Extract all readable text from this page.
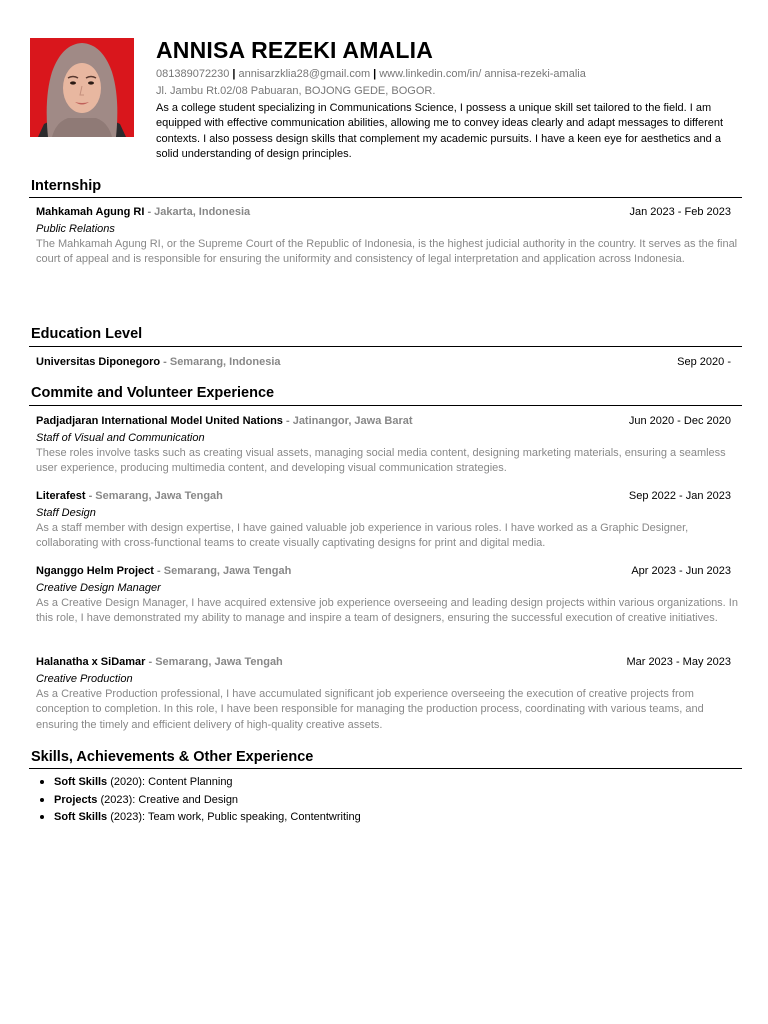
ANNISA REZEKI AMALIA
081389072230 | annisarzklia28@gmail.com | www.linkedin.com/in/ annisa-rezeki-amalia
Jl. Jambu Rt.02/08 Pabuaran, BOJONG GEDE, BOGOR.
As a college student specializing in Communications Science, I possess a unique skill set tailored to the field. I am equipped with effective communication abilities, allowing me to convey ideas clearly and adapt messages to different contexts. I also possess design skills that complement my academic pursuits. I have a keen eye for aesthetics and a solid understanding of design principles.
Internship
Mahkamah Agung RI - Jakarta, Indonesia	Jan 2023 - Feb 2023
Public Relations
The Mahkamah Agung RI, or the Supreme Court of the Republic of Indonesia, is the highest judicial authority in the country. It serves as the final court of appeal and is responsible for ensuring the uniformity and consistency of legal interpretation and application across Indonesia.
Education Level
Universitas Diponegoro - Semarang, Indonesia	Sep 2020 -
Commite and Volunteer Experience
Padjadjaran International Model United Nations - Jatinangor, Jawa Barat	Jun 2020 - Dec 2020
Staff of Visual and Communication
These roles involve tasks such as creating visual assets, managing social media content, designing marketing materials, ensuring a seamless user experience, producing multimedia content, and developing visual communication strategies.
Literafest - Semarang, Jawa Tengah	Sep 2022 - Jan 2023
Staff Design
As a staff member with design expertise, I have gained valuable job experience in various roles. I have worked as a Graphic Designer, collaborating with cross-functional teams to create visually captivating designs for print and digital media.
Nganggo Helm Project - Semarang, Jawa Tengah	Apr 2023 - Jun 2023
Creative Design Manager
As a Creative Design Manager, I have acquired extensive job experience overseeing and leading design projects within various organizations. In this role, I have demonstrated my ability to manage and inspire a team of designers, ensuring the successful execution of creative initiatives.
Halanatha x SiDamar - Semarang, Jawa Tengah	Mar 2023 - May 2023
Creative Production
As a Creative Production professional, I have accumulated significant job experience overseeing the execution of creative projects from conception to completion. In this role, I have been responsible for managing the production process, coordinating with various teams, and ensuring the timely and efficient delivery of high-quality creative assets.
Skills, Achievements & Other Experience
Soft Skills (2020): Content Planning
Projects (2023): Creative and Design
Soft Skills (2023): Team work, Public speaking, Contentwriting
